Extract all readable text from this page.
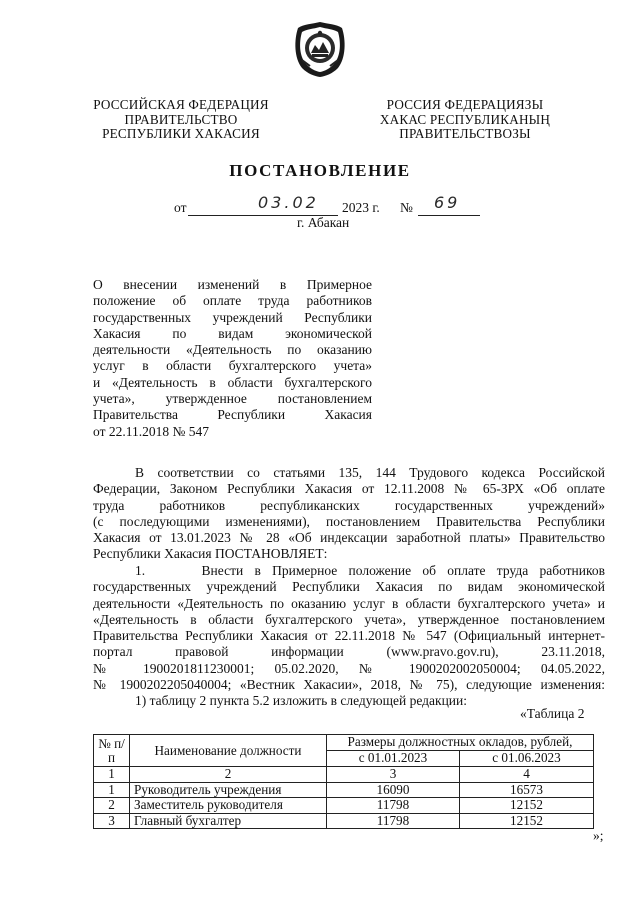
РОССИЙСКАЯ ФЕДЕРАЦИЯ
ПРАВИТЕЛЬСТВО
РЕСПУБЛИКИ ХАКАСИЯ
РОССИЯ ФЕДЕРАЦИЯЗЫ
ХАКАС РЕСПУБЛИКАНЫҢ
ПРАВИТЕЛЬСТВОЗЫ
ПОСТАНОВЛЕНИЕ
от	03.02 2023 г. № 69
г. Абакан
О внесении изменений в Примерное
положение об оплате труда работников
государственных учреждений Республики
Хакасия по видам экономической
деятельности «Деятельность по оказанию
услуг в области бухгалтерского учета»
и «Деятельность в области бухгалтерского
учета», утвержденное постановлением
Правительства Республики Хакасия
от 22.11.2018 № 547
В соответствии со статьями 135, 144 Трудового кодекса Российской
Федерации, Законом Республики Хакасия от 12.11.2008 № 65-ЗРХ «Об оплате
труда работников республиканских государственных учреждений»
(с последующими изменениями), постановлением Правительства Республики
Хакасия от 13.01.2023 № 28 «Об индексации заработной платы» Правительство
Республики Хакасия ПОСТАНОВЛЯЕТ:
1.     Внести в Примерное положение об оплате труда работников
государственных учреждений Республики Хакасия по видам экономической
деятельности «Деятельность по оказанию услуг в области бухгалтерского учета» и
«Деятельность в области бухгалтерского учета», утвержденное постановлением
Правительства Республики Хакасия от 22.11.2018 № 547 (Официальный интернет-
портал правовой информации (www.pravo.gov.ru), 23.11.2018,
№ 1900201811230001; 05.02.2020, № 1900202002050004; 04.05.2022,
№ 1900202205040004; «Вестник Хакасии», 2018, № 75), следующие изменения:
1) таблицу 2 пункта 5.2 изложить в следующей редакции:
«Таблица 2
№ п/п	Наименование должности	Размеры должностных окладов, рублей,	
		с 01.01.2023	с 01.06.2023
1	2	3	4
1	Руководитель учреждения	16090	16573
2	Заместитель руководителя	11798	12152
3	Главный бухгалтер	11798	12152
»;
